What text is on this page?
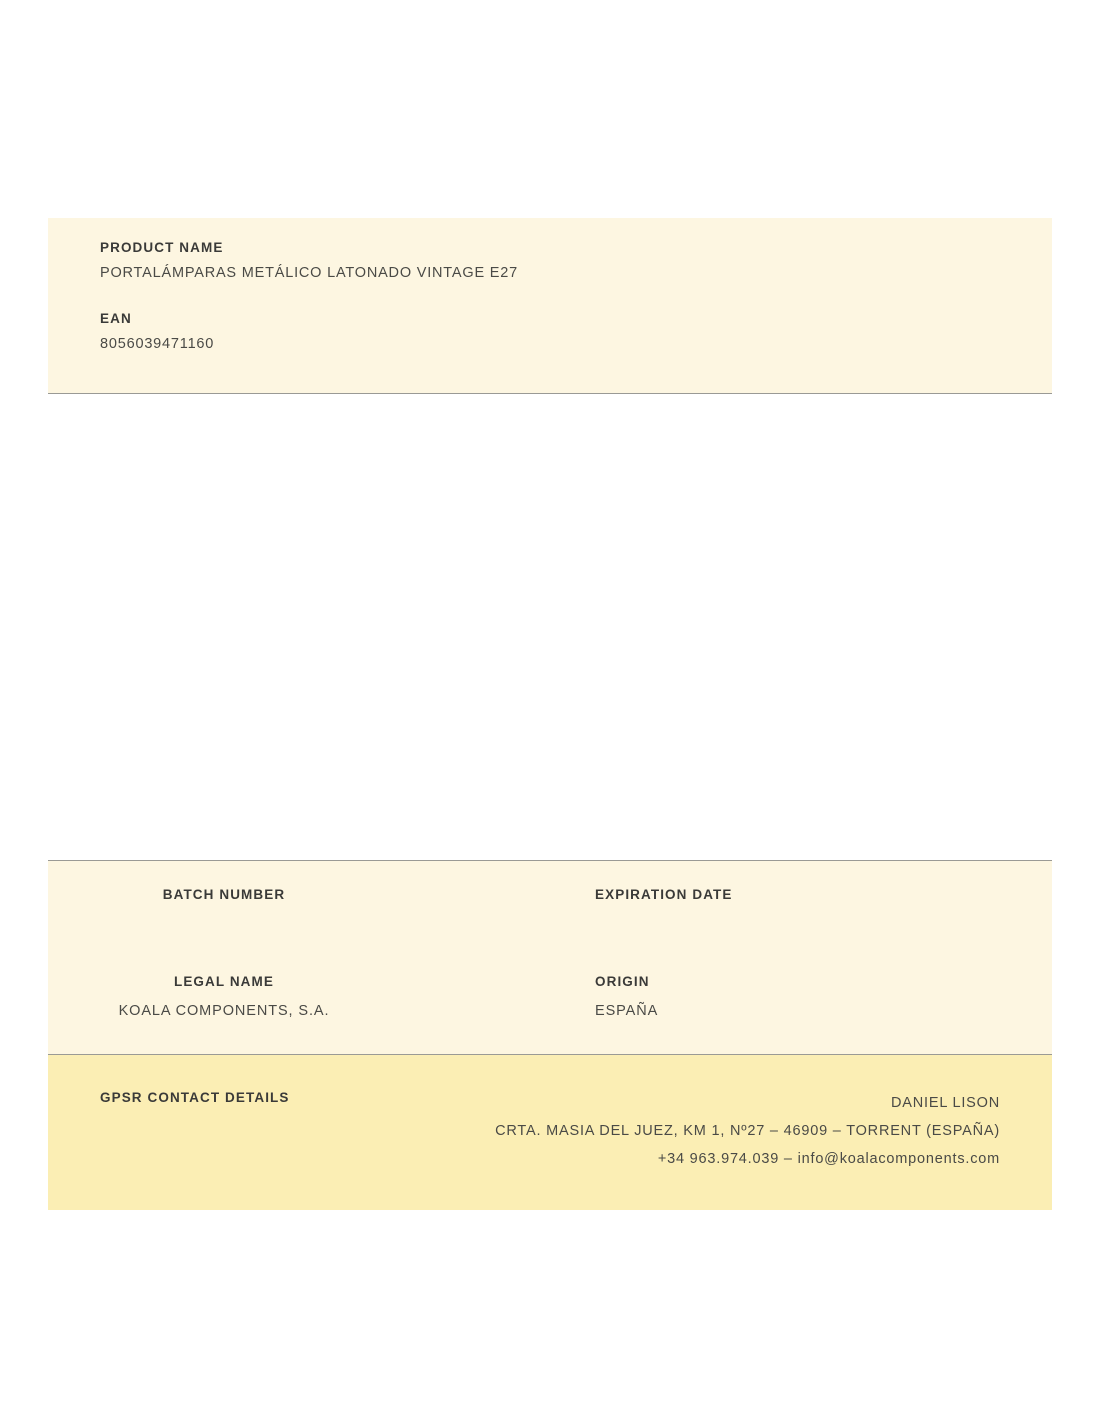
PRODUCT NAME
PORTALÁMPARAS METÁLICO LATONADO VINTAGE E27
EAN
8056039471160
BATCH NUMBER	EXPIRATION DATE
LEGAL NAME
KOALA COMPONENTS, S.A.
ORIGIN
ESPAÑA
GPSR CONTACT DETAILS	DANIEL LISON
CRTA. MASIA DEL JUEZ, KM 1, Nº27 – 46909 – TORRENT (ESPAÑA)
+34 963.974.039 – info@koalacomponents.com
